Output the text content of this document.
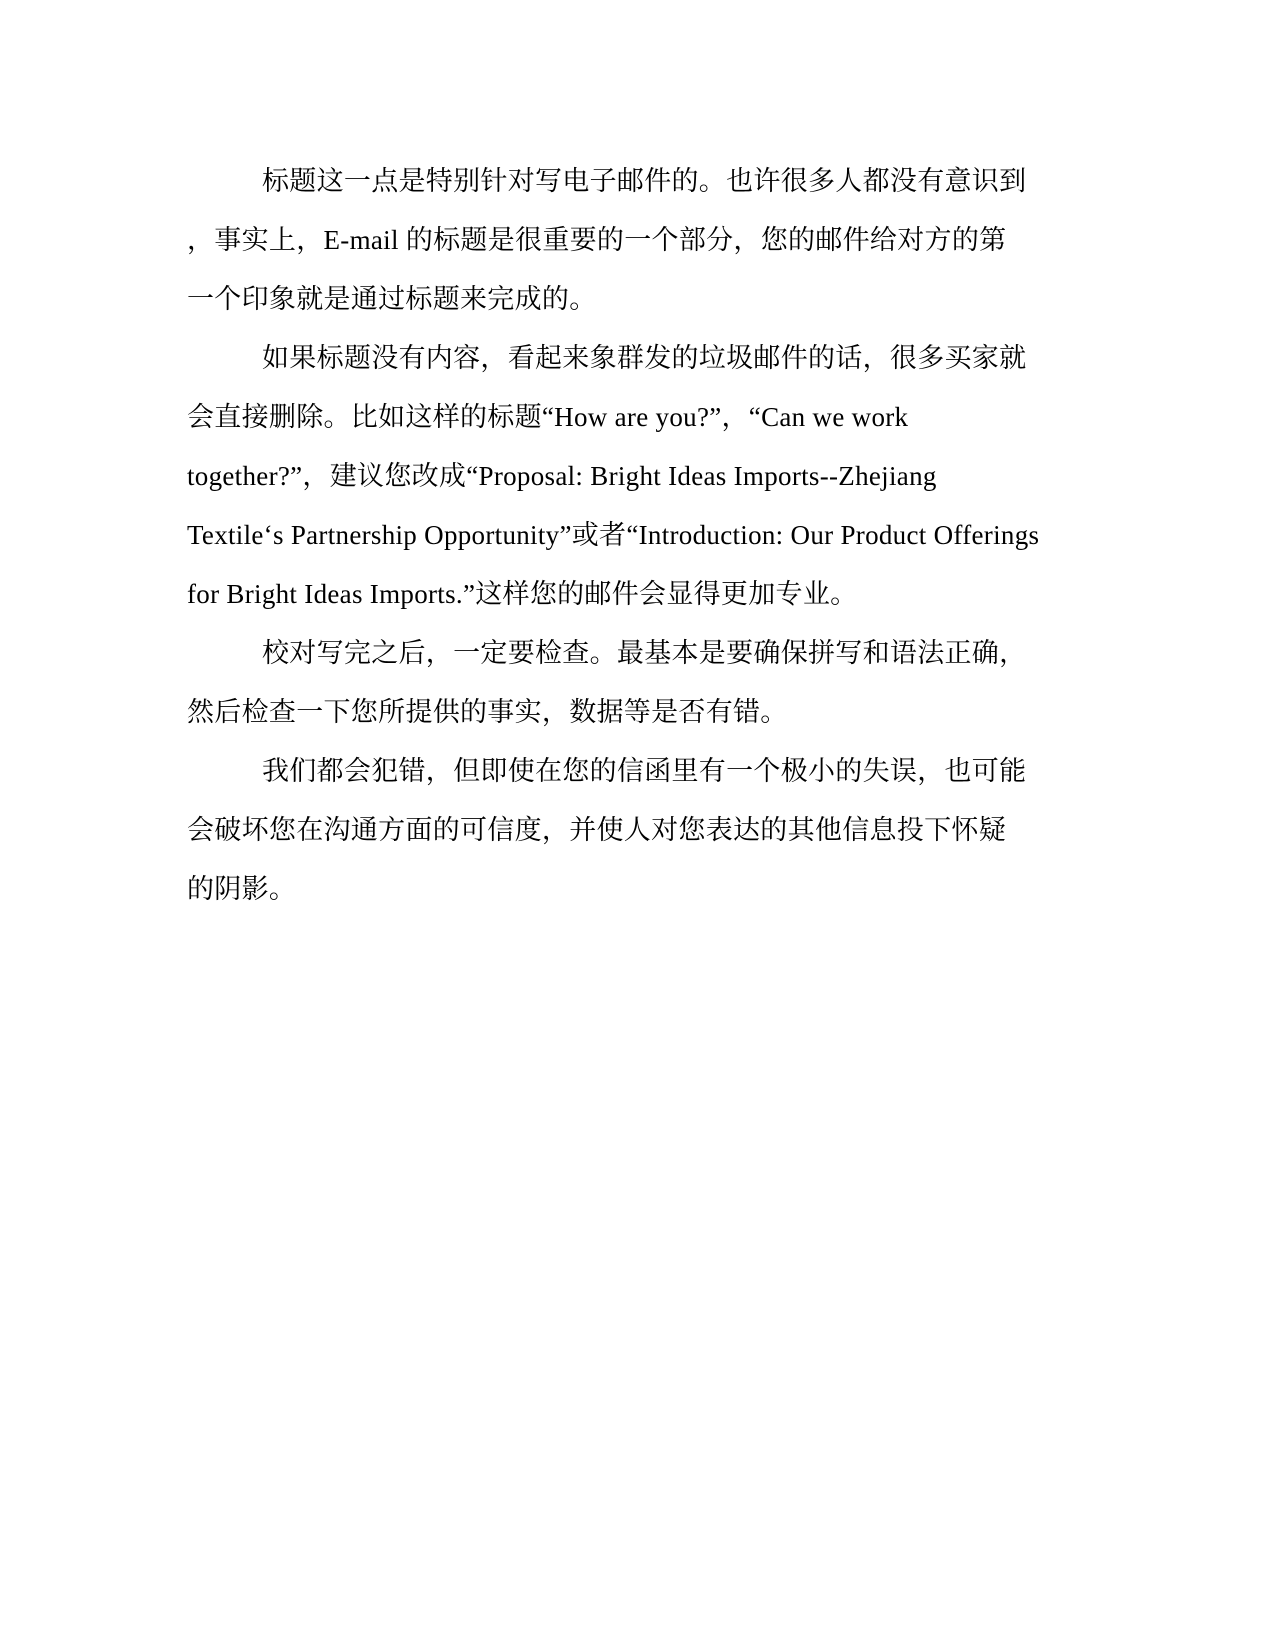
标题这一点是特别针对写电子邮件的。也许很多人都没有意识到
，事实上，E-mail 的标题是很重要的一个部分，您的邮件给对方的第
一个印象就是通过标题来完成的。
如果标题没有内容，看起来象群发的垃圾邮件的话，很多买家就
会直接删除。比如这样的标题“How are you?”，“Can we work
together?”，建议您改成“Proposal: Bright Ideas Imports--Zhejiang
Textile‘s Partnership Opportunity”或者“Introduction: Our Product Offerings
for Bright Ideas Imports.”这样您的邮件会显得更加专业。
校对写完之后，一定要检查。最基本是要确保拼写和语法正确，
然后检查一下您所提供的事实，数据等是否有错。
我们都会犯错，但即使在您的信函里有一个极小的失误，也可能
会破坏您在沟通方面的可信度，并使人对您表达的其他信息投下怀疑
的阴影。
